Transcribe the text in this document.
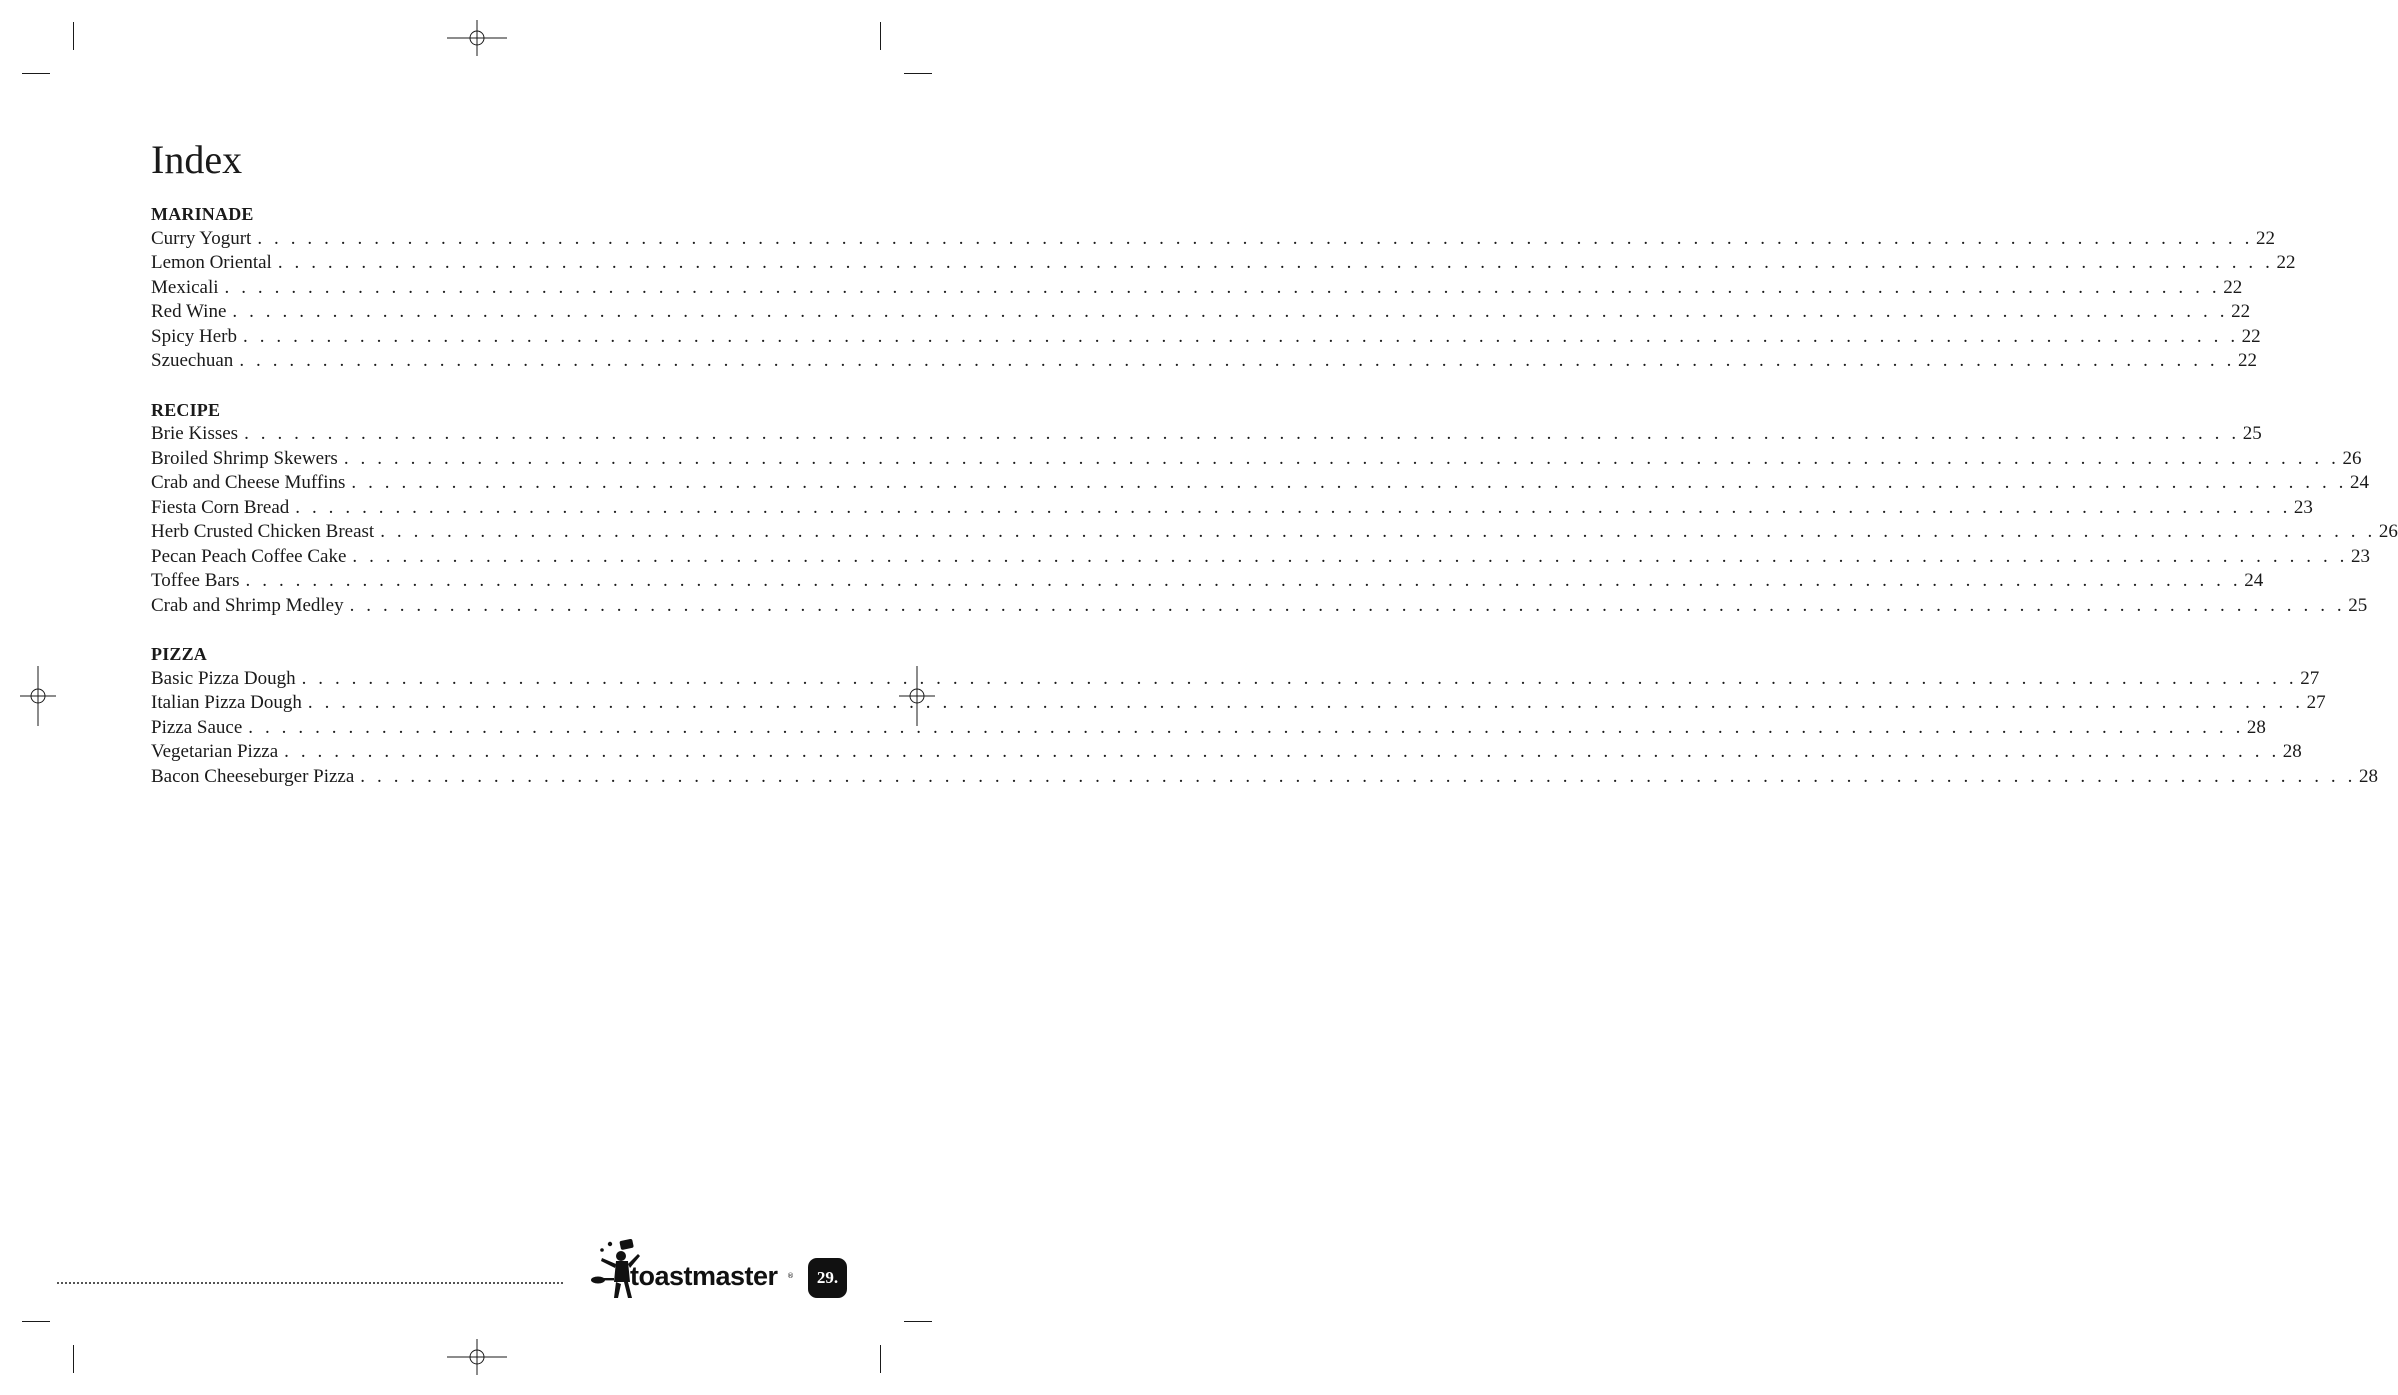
Index
MARINADE
Curry Yogurt . . . . . . . . . . . . . . . . . . . . . . . . . . . . . . . . . . . . . . . . . . . . . . . . . . . . . . . . . . . . . . . . . . . . . . . . . . . . . . . . . . . . . . . . . . . . . . . . . . . . . . . . . . . . . . . . . . . . . . . . 22
Lemon Oriental . . . . . . . . . . . . . . . . . . . . . . . . . . . . . . . . . . . . . . . . . . . . . . . . . . . . . . . . . . . . . . . . . . . . . . . . . . . . . . . . . . . . . . . . . . . . . . . . . . . . . . . . . . . . . . . . . . . . . . . . 22
Mexicali . . . . . . . . . . . . . . . . . . . . . . . . . . . . . . . . . . . . . . . . . . . . . . . . . . . . . . . . . . . . . . . . . . . . . . . . . . . . . . . . . . . . . . . . . . . . . . . . . . . . . . . . . . . . . . . . . . . . . . . . 22
Red Wine . . . . . . . . . . . . . . . . . . . . . . . . . . . . . . . . . . . . . . . . . . . . . . . . . . . . . . . . . . . . . . . . . . . . . . . . . . . . . . . . . . . . . . . . . . . . . . . . . . . . . . . . . . . . . . . . . . . . . . . . 22
Spicy Herb . . . . . . . . . . . . . . . . . . . . . . . . . . . . . . . . . . . . . . . . . . . . . . . . . . . . . . . . . . . . . . . . . . . . . . . . . . . . . . . . . . . . . . . . . . . . . . . . . . . . . . . . . . . . . . . . . . . . . . . . 22
Szuechuan . . . . . . . . . . . . . . . . . . . . . . . . . . . . . . . . . . . . . . . . . . . . . . . . . . . . . . . . . . . . . . . . . . . . . . . . . . . . . . . . . . . . . . . . . . . . . . . . . . . . . . . . . . . . . . . . . . . . . . . . 22
RECIPE
Brie Kisses . . . . . . . . . . . . . . . . . . . . . . . . . . . . . . . . . . . . . . . . . . . . . . . . . . . . . . . . . . . . . . . . . . . . . . . . . . . . . . . . . . . . . . . . . . . . . . . . . . . . . . . . . . . . . . . . . . . . . . . . 25
Broiled Shrimp Skewers . . . . . . . . . . . . . . . . . . . . . . . . . . . . . . . . . . . . . . . . . . . . . . . . . . . . . . . . . . . . . . . . . . . . . . . . . . . . . . . . . . . . . . . . . . . . . . . . . . . . . . . . . . . . . . . . . . . . . . . . 26
Crab and Cheese Muffins . . . . . . . . . . . . . . . . . . . . . . . . . . . . . . . . . . . . . . . . . . . . . . . . . . . . . . . . . . . . . . . . . . . . . . . . . . . . . . . . . . . . . . . . . . . . . . . . . . . . . . . . . . . . . . . . . . . . . . . . 24
Fiesta Corn Bread . . . . . . . . . . . . . . . . . . . . . . . . . . . . . . . . . . . . . . . . . . . . . . . . . . . . . . . . . . . . . . . . . . . . . . . . . . . . . . . . . . . . . . . . . . . . . . . . . . . . . . . . . . . . . . . . . . . . . . . . 23
Herb Crusted Chicken Breast . . . . . . . . . . . . . . . . . . . . . . . . . . . . . . . . . . . . . . . . . . . . . . . . . . . . . . . . . . . . . . . . . . . . . . . . . . . . . . . . . . . . . . . . . . . . . . . . . . . . . . . . . . . . . . . . . . . . . . . . 26
Pecan Peach Coffee Cake . . . . . . . . . . . . . . . . . . . . . . . . . . . . . . . . . . . . . . . . . . . . . . . . . . . . . . . . . . . . . . . . . . . . . . . . . . . . . . . . . . . . . . . . . . . . . . . . . . . . . . . . . . . . . . . . . . . . . . . . 23
Toffee Bars . . . . . . . . . . . . . . . . . . . . . . . . . . . . . . . . . . . . . . . . . . . . . . . . . . . . . . . . . . . . . . . . . . . . . . . . . . . . . . . . . . . . . . . . . . . . . . . . . . . . . . . . . . . . . . . . . . . . . . . . 24
Crab and Shrimp Medley . . . . . . . . . . . . . . . . . . . . . . . . . . . . . . . . . . . . . . . . . . . . . . . . . . . . . . . . . . . . . . . . . . . . . . . . . . . . . . . . . . . . . . . . . . . . . . . . . . . . . . . . . . . . . . . . . . . . . . . . 25
PIZZA
Basic Pizza Dough . . . . . . . . . . . . . . . . . . . . . . . . . . . . . . . . . . . . . . . . . . . . . . . . . . . . . . . . . . . . . . . . . . . . . . . . . . . . . . . . . . . . . . . . . . . . . . . . . . . . . . . . . . . . . . . . . . . . . . . . 27
Italian Pizza Dough . . . . . . . . . . . . . . . . . . . . . . . . . . . . . . . . . . . . . . . . . . . . . . . . . . . . . . . . . . . . . . . . . . . . . . . . . . . . . . . . . . . . . . . . . . . . . . . . . . . . . . . . . . . . . . . . . . . . . . . . 27
Pizza Sauce . . . . . . . . . . . . . . . . . . . . . . . . . . . . . . . . . . . . . . . . . . . . . . . . . . . . . . . . . . . . . . . . . . . . . . . . . . . . . . . . . . . . . . . . . . . . . . . . . . . . . . . . . . . . . . . . . . . . . . . . 28
Vegetarian Pizza . . . . . . . . . . . . . . . . . . . . . . . . . . . . . . . . . . . . . . . . . . . . . . . . . . . . . . . . . . . . . . . . . . . . . . . . . . . . . . . . . . . . . . . . . . . . . . . . . . . . . . . . . . . . . . . . . . . . . . . . 28
Bacon Cheeseburger Pizza . . . . . . . . . . . . . . . . . . . . . . . . . . . . . . . . . . . . . . . . . . . . . . . . . . . . . . . . . . . . . . . . . . . . . . . . . . . . . . . . . . . . . . . . . . . . . . . . . . . . . . . . . . . . . . . . . . . . . . . . 28
toastmaster ®	29.
